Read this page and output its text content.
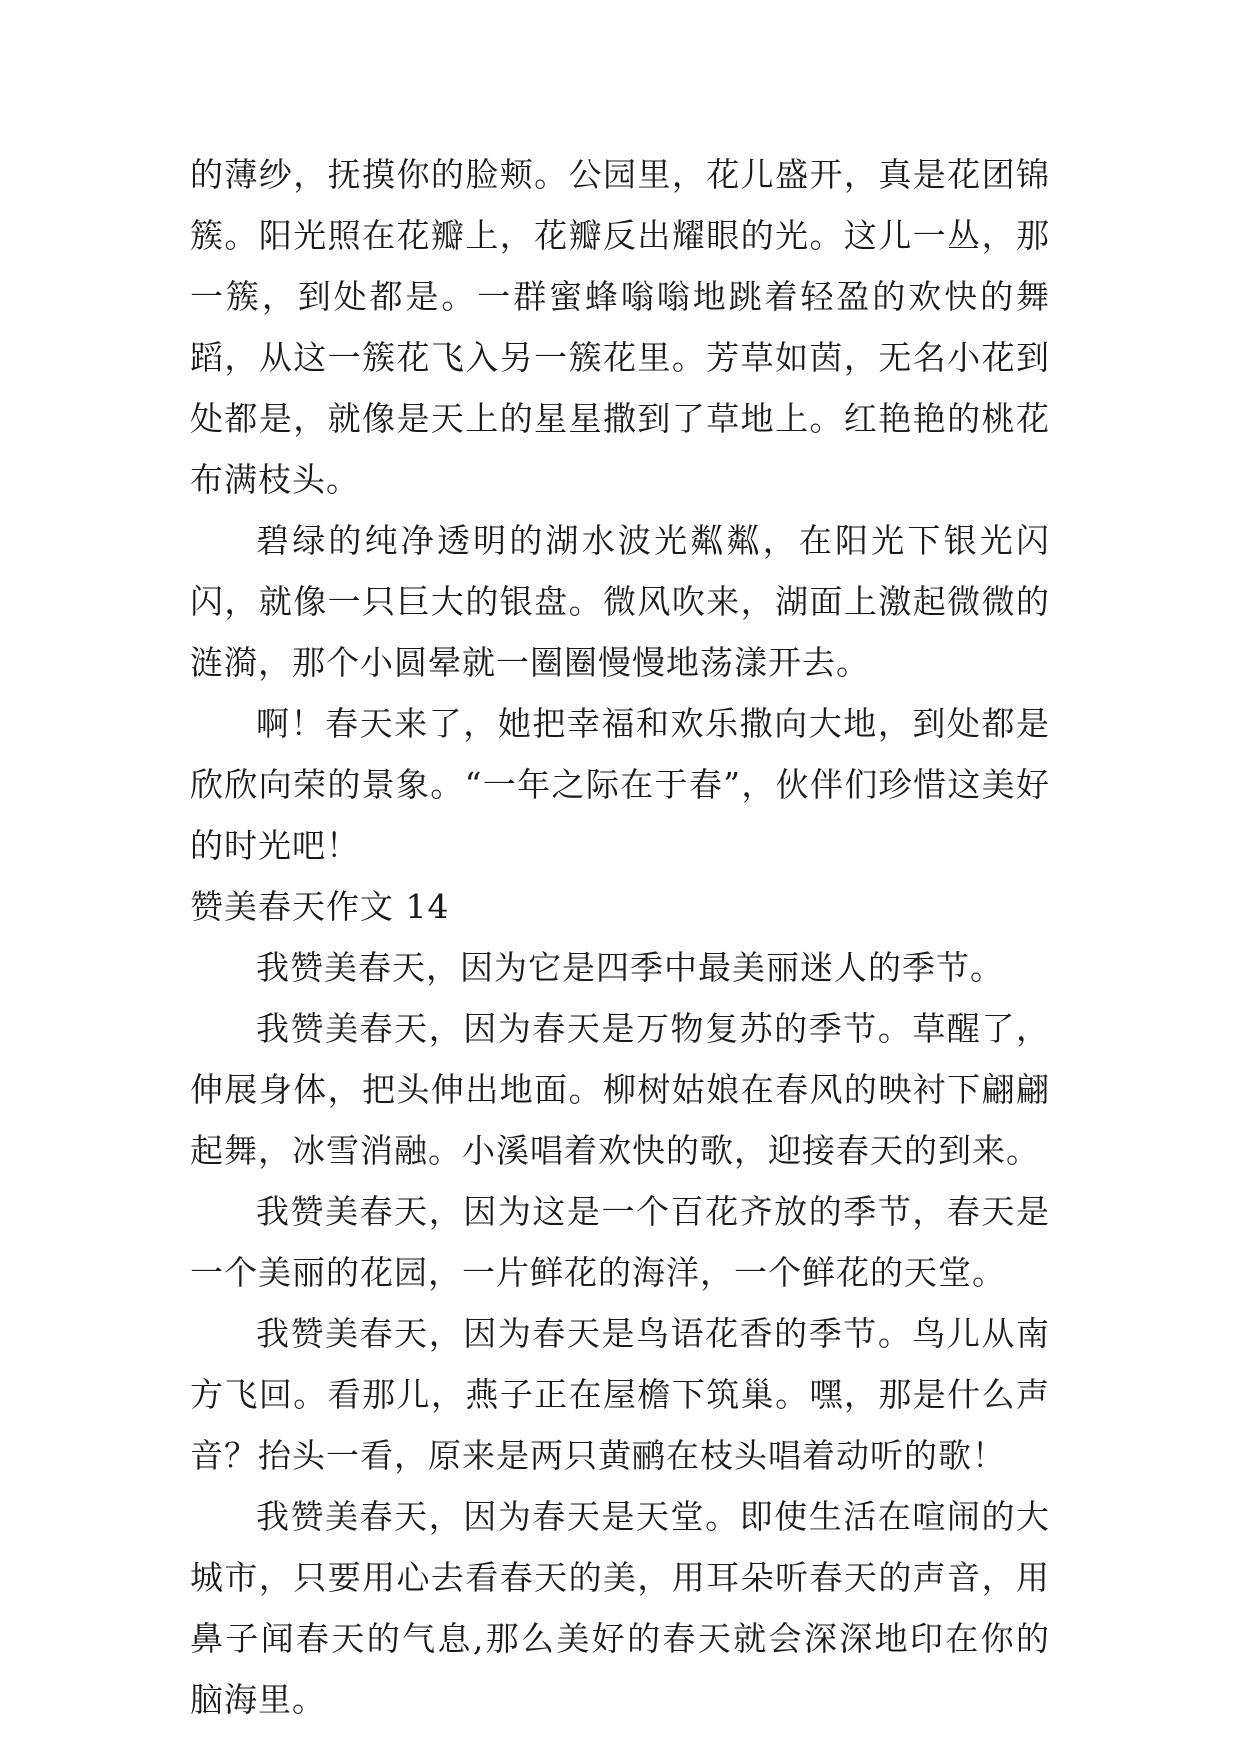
的薄纱，抚摸你的脸颊。公园里，花儿盛开，真是花团锦簇。阳光照在花瓣上，花瓣反出耀眼的光。这儿一丛，那一簇，到处都是。一群蜜蜂嗡嗡地跳着轻盈的欢快的舞蹈，从这一簇花飞入另一簇花里。芳草如茵，无名小花到处都是，就像是天上的星星撒到了草地上。红艳艳的桃花布满枝头。

碧绿的纯净透明的湖水波光粼粼，在阳光下银光闪闪，就像一只巨大的银盘。微风吹来，湖面上激起微微的涟漪，那个小圆晕就一圈圈慢慢地荡漾开去。

啊！春天来了，她把幸福和欢乐撒向大地，到处都是欣欣向荣的景象。“一年之际在于春”，伙伴们珍惜这美好的时光吧！

赞美春天作文 14

我赞美春天，因为它是四季中最美丽迷人的季节。

我赞美春天，因为春天是万物复苏的季节。草醒了，伸展身体，把头伸出地面。柳树姑娘在春风的映衬下翩翩起舞，冰雪消融。小溪唱着欢快的歌，迎接春天的到来。

我赞美春天，因为这是一个百花齐放的季节，春天是一个美丽的花园，一片鲜花的海洋，一个鲜花的天堂。

我赞美春天，因为春天是鸟语花香的季节。鸟儿从南方飞回。看那儿，燕子正在屋檐下筑巢。嘿，那是什么声音？抬头一看，原来是两只黄鹂在枝头唱着动听的歌！

我赞美春天，因为春天是天堂。即使生活在喧闹的大城市，只要用心去看春天的美，用耳朵听春天的声音，用鼻子闻春天的气息,那么美好的春天就会深深地印在你的脑海里。
